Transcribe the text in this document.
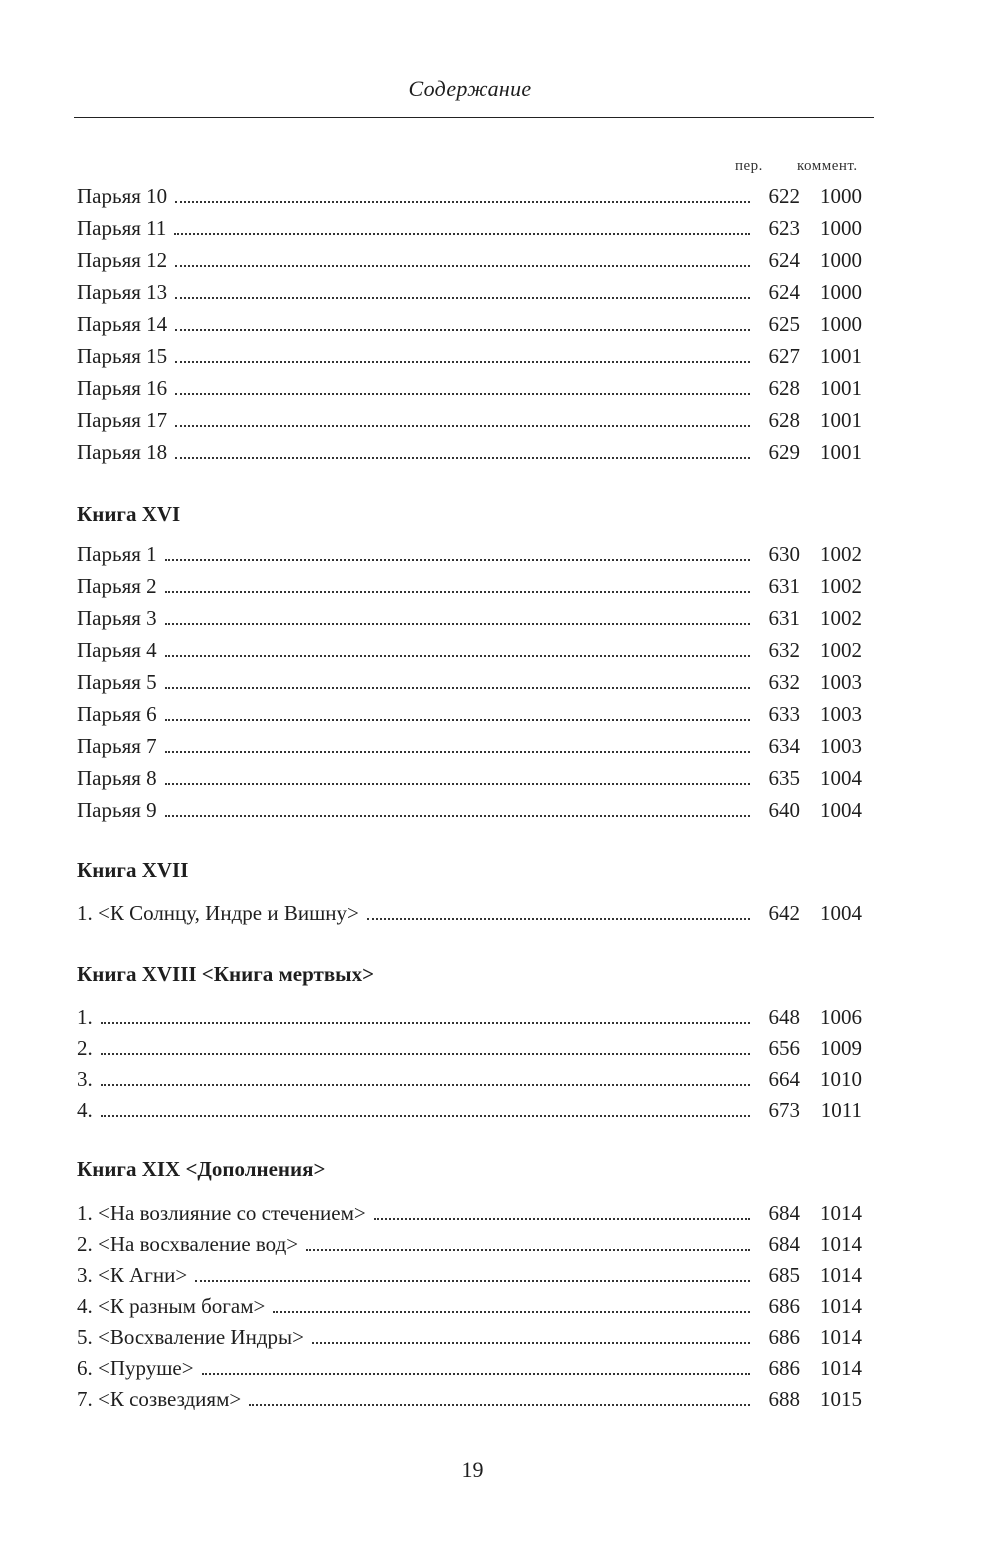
Содержание
пер. коммент.
Парьяя 10	622 1000
Парьяя 11	623 1000
Парьяя 12	624 1000
Парьяя 13	624 1000
Парьяя 14	625 1000
Парьяя 15	627 1001
Парьяя 16	628 1001
Парьяя 17	628 1001
Парьяя 18	629 1001
Книга XVI
Парьяя 1	630 1002
Парьяя 2	631 1002
Парьяя 3	631 1002
Парьяя 4	632 1002
Парьяя 5	632 1003
Парьяя 6	633 1003
Парьяя 7	634 1003
Парьяя 8	635 1004
Парьяя 9	640 1004
Книга XVII
1. <К Солнцу, Индре и Вишну>	642 1004
Книга XVIII <Книга мертвых>
1.	648 1006
2.	656 1009
3.	664 1010
4.	673 1011
Книга XIX <Дополнения>
1. <На возлияние со стечением>	684 1014
2. <На восхваление вод>	684 1014
3. <К Агни>	685 1014
4. <К разным богам>	686 1014
5. <Восхваление Индры>	686 1014
6. <Пуруше>	686 1014
7. <К созвездиям>	688 1015
19
